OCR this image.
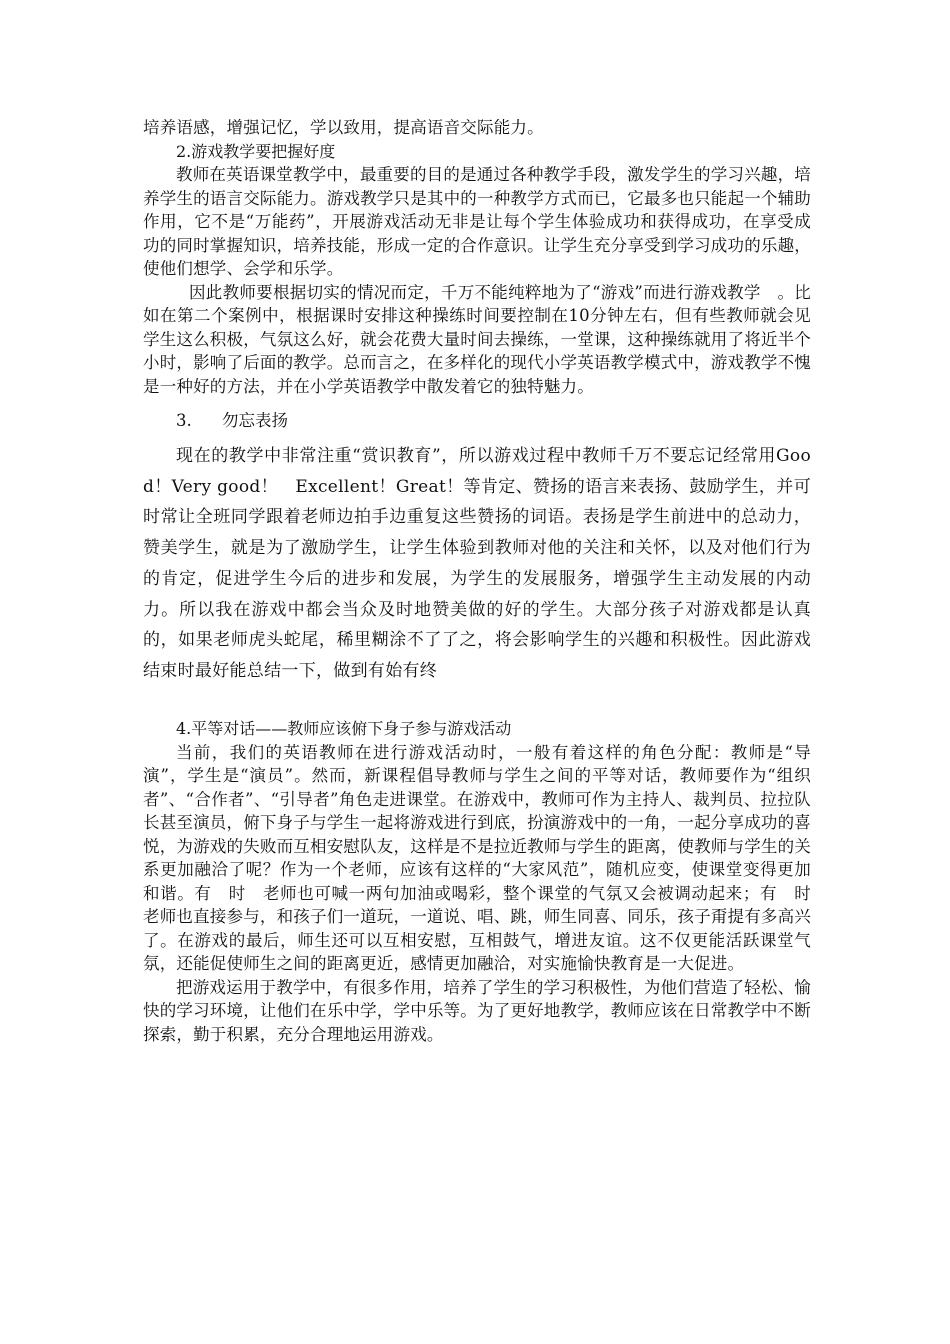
培养语感，增强记忆，学以致用，提高语音交际能力。

2.游戏教学要把握好度

教师在英语课堂教学中，最重要的目的是通过各种教学手段，激发学生的学习兴趣，培养学生的语言交际能力。游戏教学只是其中的一种教学方式而已，它最多也只能起一个辅助作用，它不是“万能药”，开展游戏活动无非是让每个学生体验成功和获得成功，在享受成功的同时掌握知识，培养技能，形成一定的合作意识。让学生充分享受到学习成功的乐趣，使他们想学、会学和乐学。

因此教师要根据切实的情况而定，千万不能纯粹地为了“游戏”而进行游戏教学　。比如在第二个案例中，根据课时安排这种操练时间要控制在10分钟左右，但有些教师就会见学生这么积极，气氛这么好，就会花费大量时间去操练，一堂课，这种操练就用了将近半个小时，影响了后面的教学。总而言之，在多样化的现代小学英语教学模式中，游戏教学不愧是一种好的方法，并在小学英语教学中散发着它的独特魅力。

3. 勿忘表扬

现在的教学中非常注重“赏识教育”，所以游戏过程中教师千万不要忘记经常用Good！Very good！　Excellent！Great！等肯定、赞扬的语言来表扬、鼓励学生，并可时常让全班同学跟着老师边拍手边重复这些赞扬的词语。表扬是学生前进中的总动力，赞美学生，就是为了激励学生，让学生体验到教师对他的关注和关怀，以及对他们行为的肯定，促进学生今后的进步和发展，为学生的发展服务，增强学生主动发展的内动力。所以我在游戏中都会当众及时地赞美做的好的学生。大部分孩子对游戏都是认真的，如果老师虎头蛇尾，稀里糊涂不了了之，将会影响学生的兴趣和积极性。因此游戏结束时最好能总结一下，做到有始有终

4.平等对话——教师应该俯下身子参与游戏活动

当前，我们的英语教师在进行游戏活动时，一般有着这样的角色分配：教师是“导演”，学生是“演员”。然而，新课程倡导教师与学生之间的平等对话，教师要作为“组织者”、“合作者”、“引导者”角色走进课堂。在游戏中，教师可作为主持人、裁判员、拉拉队长甚至演员，俯下身子与学生一起将游戏进行到底，扮演游戏中的一角，一起分享成功的喜悦，为游戏的失败而互相安慰队友，这样是不是拉近教师与学生的距离，使教师与学生的关系更加融洽了呢？作为一个老师，应该有这样的“大家风范”，随机应变，使课堂变得更加和谐。有　时　老师也可喊一两句加油或喝彩，整个课堂的气氛又会被调动起来；有　时　老师也直接参与，和孩子们一道玩，一道说、唱、跳，师生同喜、同乐，孩子甭提有多高兴了。在游戏的最后，师生还可以互相安慰，互相鼓气，增进友谊。这不仅更能活跃课堂气氛，还能促使师生之间的距离更近，感情更加融洽，对实施愉快教育是一大促进。

把游戏运用于教学中，有很多作用，培养了学生的学习积极性，为他们营造了轻松、愉快的学习环境，让他们在乐中学，学中乐等。为了更好地教学，教师应该在日常教学中不断探索，勤于积累，充分合理地运用游戏。
